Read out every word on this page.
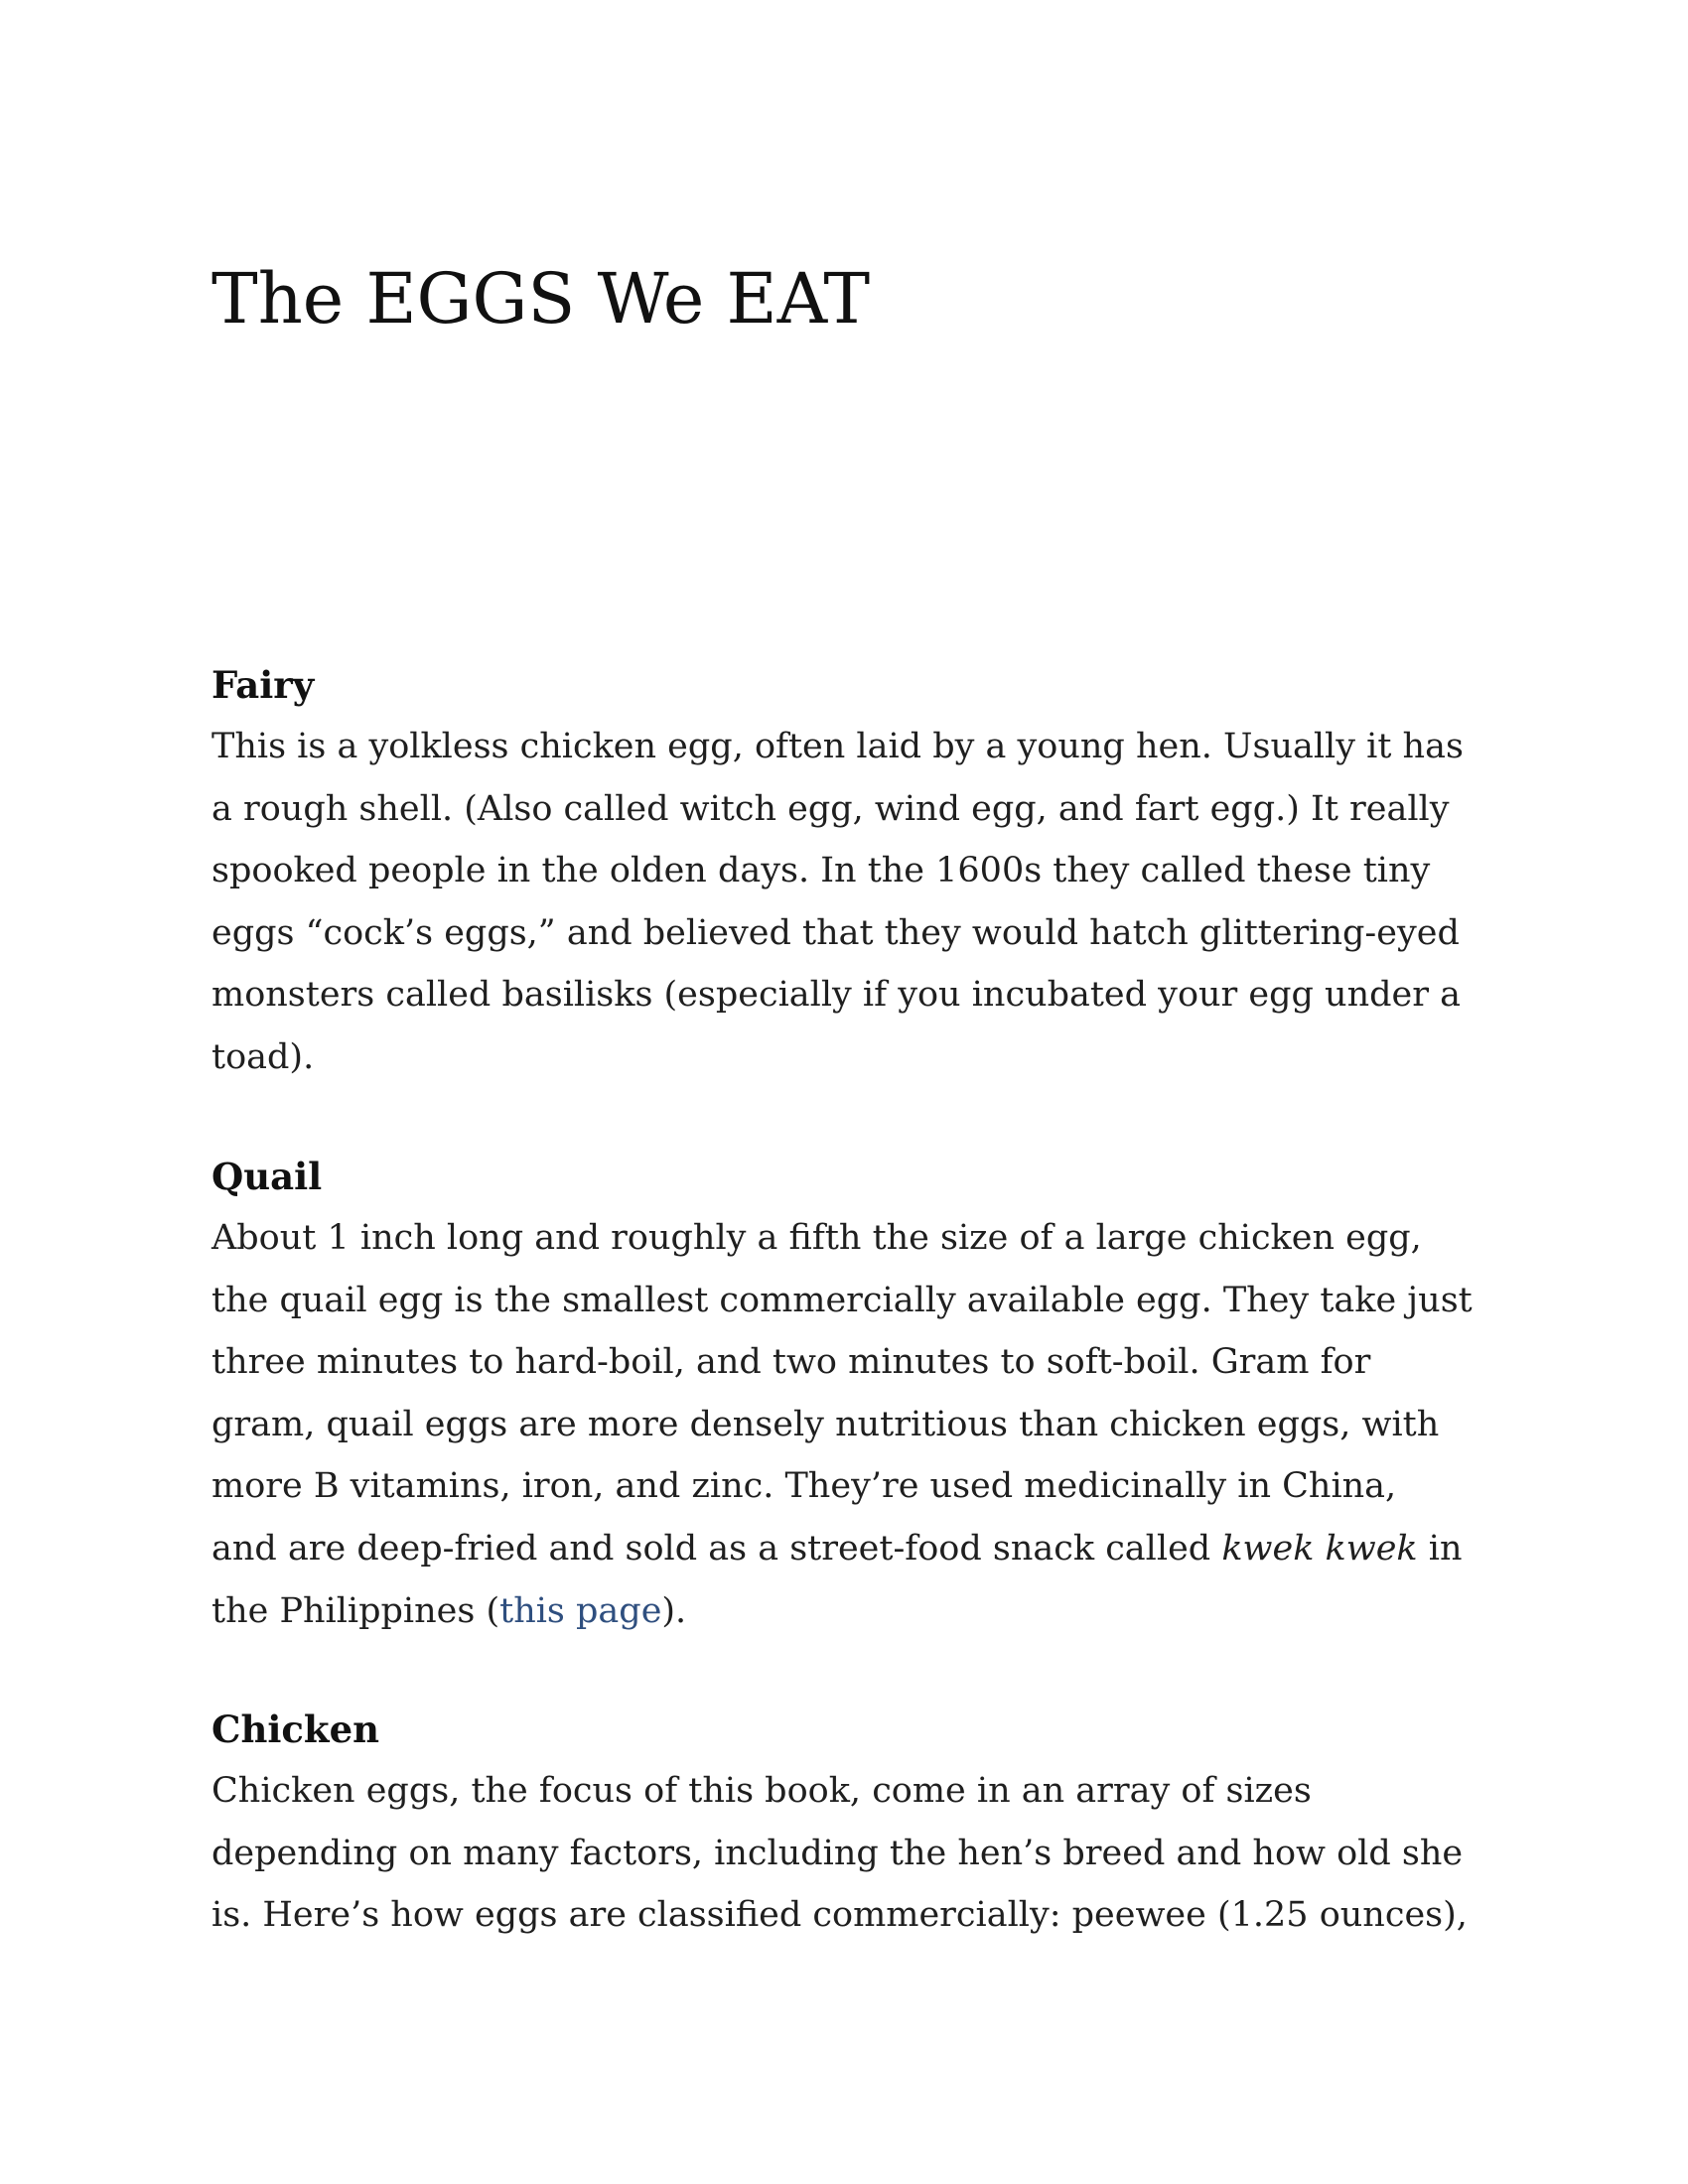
The EGGS We EAT
Fairy

This is a yolkless chicken egg, often laid by a young hen. Usually it has
a rough shell. (Also called witch egg, wind egg, and fart egg.) It really
spooked people in the olden days. In the 1600s they called these tiny
eggs “cock’s eggs,” and believed that they would hatch glittering-eyed
monsters called basilisks (especially if you incubated your egg under a
toad).

Quail

About 1 inch long and roughly a fifth the size of a large chicken egg,
the quail egg is the smallest commercially available egg. They take just
three minutes to hard-boil, and two minutes to soft-boil. Gram for
gram, quail eggs are more densely nutritious than chicken eggs, with
more B vitamins, iron, and zinc. They’re used medicinally in China,
and are deep-fried and sold as a street-food snack called kwek kwek in
the Philippines (this page).

Chicken

Chicken eggs, the focus of this book, come in an array of sizes
depending on many factors, including the hen’s breed and how old she
is. Here’s how eggs are classified commercially: peewee (1.25 ounces),
